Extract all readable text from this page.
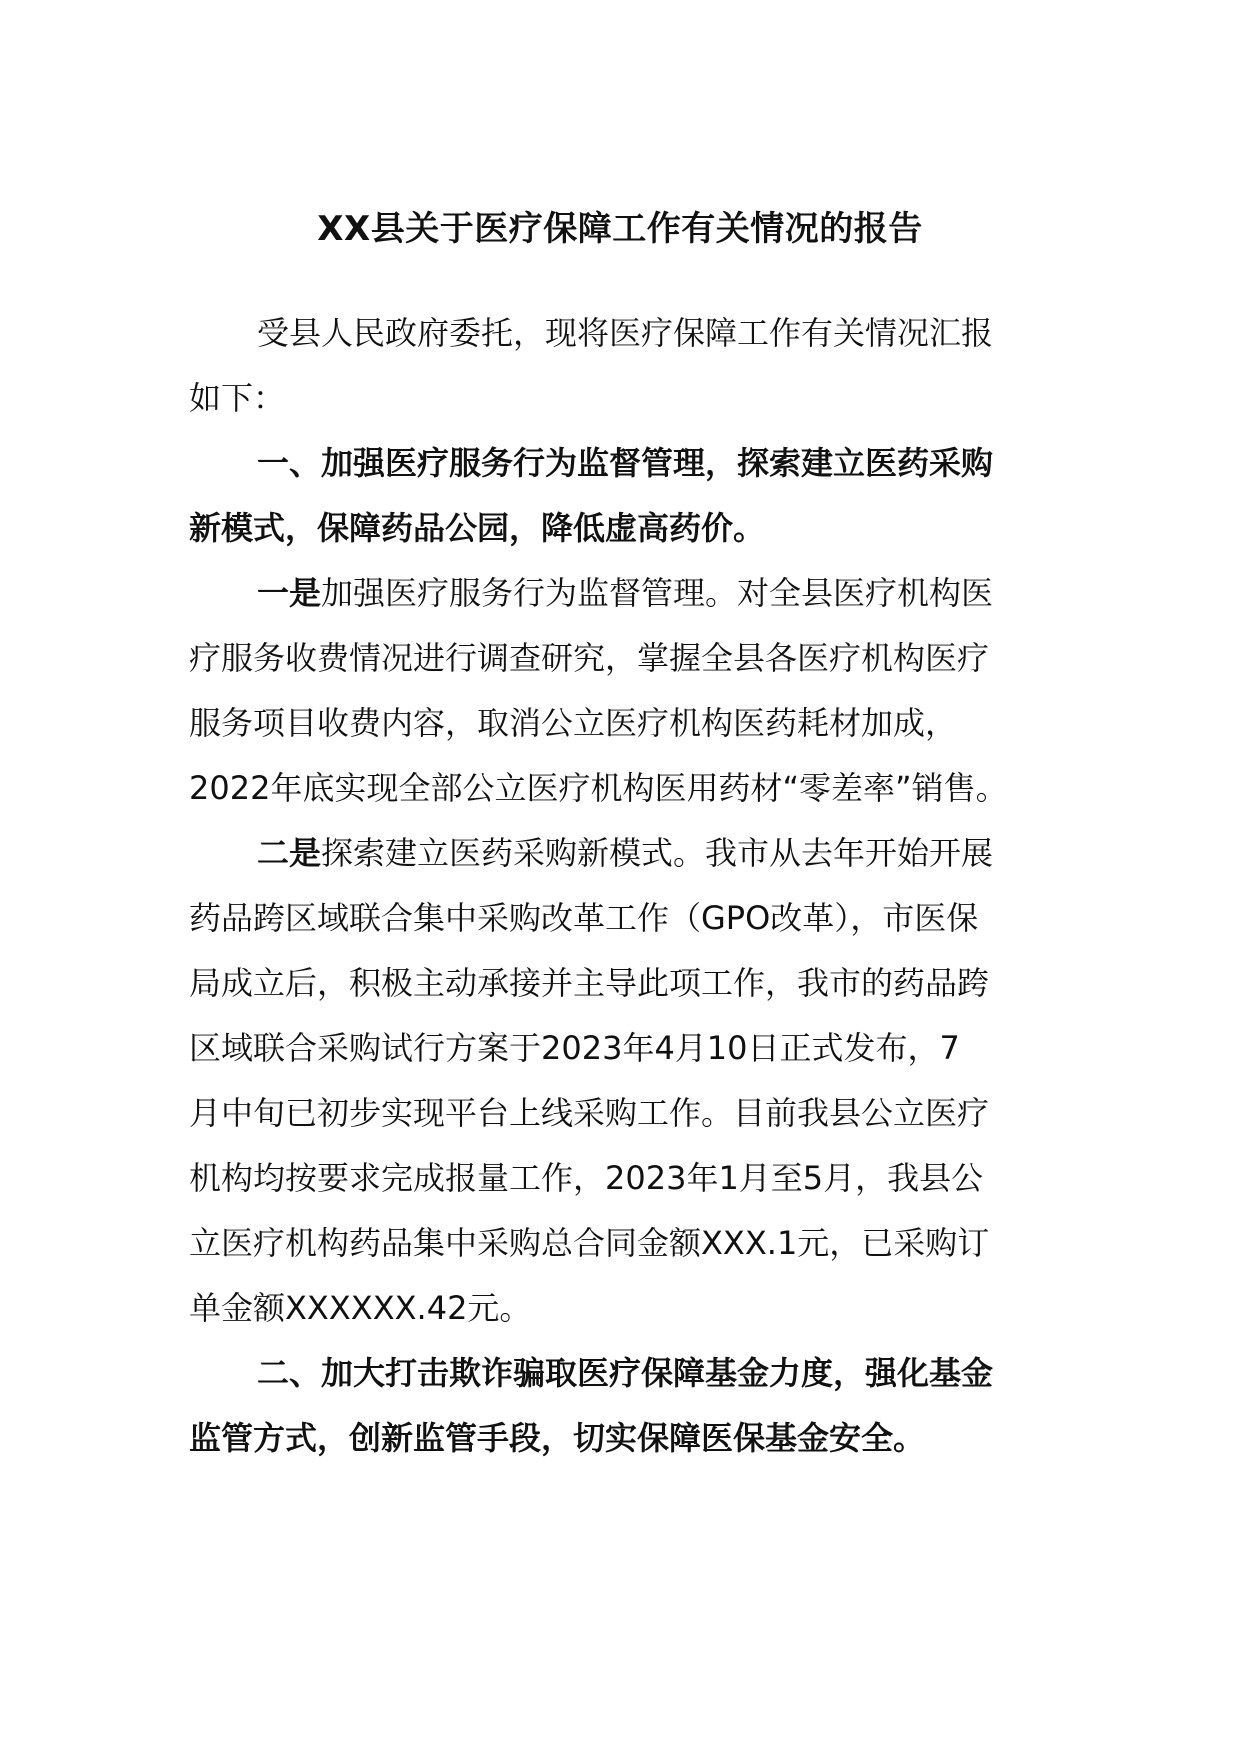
XX县关于医疗保障工作有关情况的报告

受县人民政府委托，现将医疗保障工作有关情况汇报
如下：

一、加强医疗服务行为监督管理，探索建立医药采购
新模式，保障药品公园，降低虚高药价。

一是加强医疗服务行为监督管理。对全县医疗机构医
疗服务收费情况进行调查研究，掌握全县各医疗机构医疗
服务项目收费内容，取消公立医疗机构医药耗材加成，
2022年底实现全部公立医疗机构医用药材“零差率”销售。

二是探索建立医药采购新模式。我市从去年开始开展
药品跨区域联合集中采购改革工作（GPO改革），市医保
局成立后，积极主动承接并主导此项工作，我市的药品跨
区域联合采购试行方案于2023年4月10日正式发布，7
月中旬已初步实现平台上线采购工作。目前我县公立医疗
机构均按要求完成报量工作，2023年1月至5月，我县公
立医疗机构药品集中采购总合同金额XXX.1元，已采购订
单金额XXXXXX.42元。

二、加大打击欺诈骗取医疗保障基金力度，强化基金
监管方式，创新监管手段，切实保障医保基金安全。
